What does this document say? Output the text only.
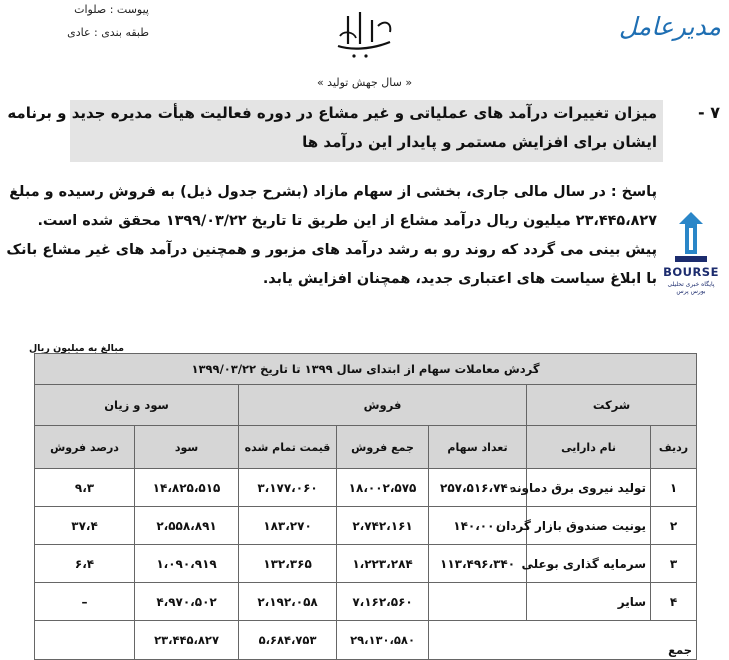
پیوست : صلوات
طبقه بندی : عادی	مدیرعامل
« سال جهش تولید »
۷ -
میزان تغییرات درآمد های عملیاتی و غیر مشاع در دوره فعالیت هیأت مدیره جدید و برنامه
ایشان برای افزایش مستمر و پایدار این درآمد ها
پاسخ : در سال مالی جاری، بخشی از سهام مازاد (بشرح جدول ذیل) به فروش رسیده و مبلغ
۲۳،۴۴۵،۸۲۷ میلیون ریال درآمد مشاع از این طریق تا تاریخ ۱۳۹۹/۰۳/۲۲ محقق شده است.
پیش بینی می گردد که روند رو به رشد درآمد های مزبور و همچنین درآمد های غیر مشاع بانک
با ابلاغ سیاست های اعتباری جدید، همچنان افزایش یابد. BOURSE
پایگاه خبری تحلیلی بورس پرس
مبالغ به میلیون ریال
گردش معاملات سهام از ابتدای سال ۱۳۹۹ تا تاریخ ۱۳۹۹/۰۳/۲۲						
شرکت		فروش			سود و زیان	
ردیف	نام دارایی	تعداد سهام	جمع فروش	قیمت تمام شده	سود	درصد فروش
۱	تولید نیروی برق دماوند	۲۵۷،۵۱۶،۷۴۰	۱۸،۰۰۲،۵۷۵	۳،۱۷۷،۰۶۰	۱۴،۸۲۵،۵۱۵	۹،۳
۲	یونیت صندوق بازار گردان	۱۴۰،۰۰۰	۲،۷۴۲،۱۶۱	۱۸۳،۲۷۰	۲،۵۵۸،۸۹۱	۳۷،۴
۳	سرمایه گذاری بوعلی	۱۱۳،۴۹۶،۳۴۰	۱،۲۲۳،۲۸۴	۱۳۲،۳۶۵	۱،۰۹۰،۹۱۹	۶،۴
۴	سایر		۷،۱۶۲،۵۶۰	۲،۱۹۲،۰۵۸	۴،۹۷۰،۵۰۲	–
جمع			۲۹،۱۳۰،۵۸۰	۵،۶۸۴،۷۵۳	۲۳،۴۴۵،۸۲۷	
